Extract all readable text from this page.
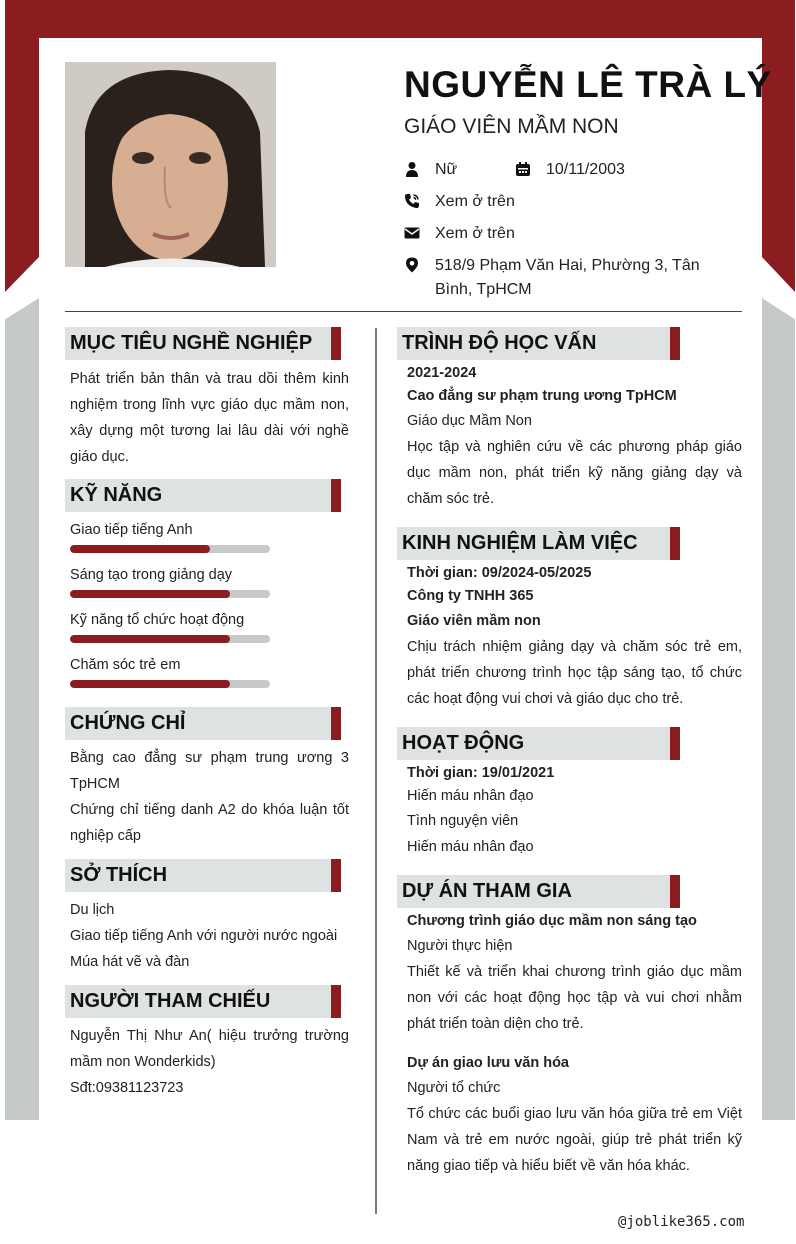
NGUYỄN LÊ TRÀ LÝ
GIÁO VIÊN MẦM NON
Nữ	10/11/2003
Xem ở trên
Xem ở trên
518/9 Phạm Văn Hai, Phường 3, Tân Bình, TpHCM
MỤC TIÊU NGHỀ NGHIỆP
Phát triển bản thân và trau dồi thêm kinh nghiệm trong lĩnh vực giáo dục mầm non, xây dựng một tương lai lâu dài với nghề giáo dục.
KỸ NĂNG
Giao tiếp tiếng Anh
Sáng tạo trong giảng dạy
Kỹ năng tổ chức hoạt động
Chăm sóc trẻ em
CHỨNG CHỈ
Bằng cao đẳng sư phạm trung ương 3 TpHCM
Chứng chỉ tiếng danh A2 do khóa luận tốt nghiệp cấp
SỞ THÍCH
Du lịch
Giao tiếp tiếng Anh với người nước ngoài
Múa hát vẽ và đàn
NGƯỜI THAM CHIẾU
Nguyễn Thị Như An( hiệu trưởng trường mầm non Wonderkids)
Sđt:09381123723
TRÌNH ĐỘ HỌC VẤN
2021-2024
Cao đẳng sư phạm trung ương TpHCM
Giáo dục Mầm Non
Học tập và nghiên cứu về các phương pháp giáo dục mầm non, phát triển kỹ năng giảng dạy và chăm sóc trẻ.
KINH NGHIỆM LÀM VIỆC
Thời gian: 09/2024-05/2025
Công ty TNHH 365
Giáo viên mầm non
Chịu trách nhiệm giảng dạy và chăm sóc trẻ em, phát triển chương trình học tập sáng tạo, tổ chức các hoạt động vui chơi và giáo dục cho trẻ.
HOẠT ĐỘNG
Thời gian: 19/01/2021
Hiến máu nhân đạo
Tình nguyện viên
Hiến máu nhân đạo
DỰ ÁN THAM GIA
Chương trình giáo dục mầm non sáng tạo
Người thực hiện
Thiết kế và triển khai chương trình giáo dục mầm non với các hoạt động học tập và vui chơi nhằm phát triển toàn diện cho trẻ.
Dự án giao lưu văn hóa
Người tổ chức
Tổ chức các buổi giao lưu văn hóa giữa trẻ em Việt Nam và trẻ em nước ngoài, giúp trẻ phát triển kỹ năng giao tiếp và hiểu biết về văn hóa khác.
@joblike365.com
